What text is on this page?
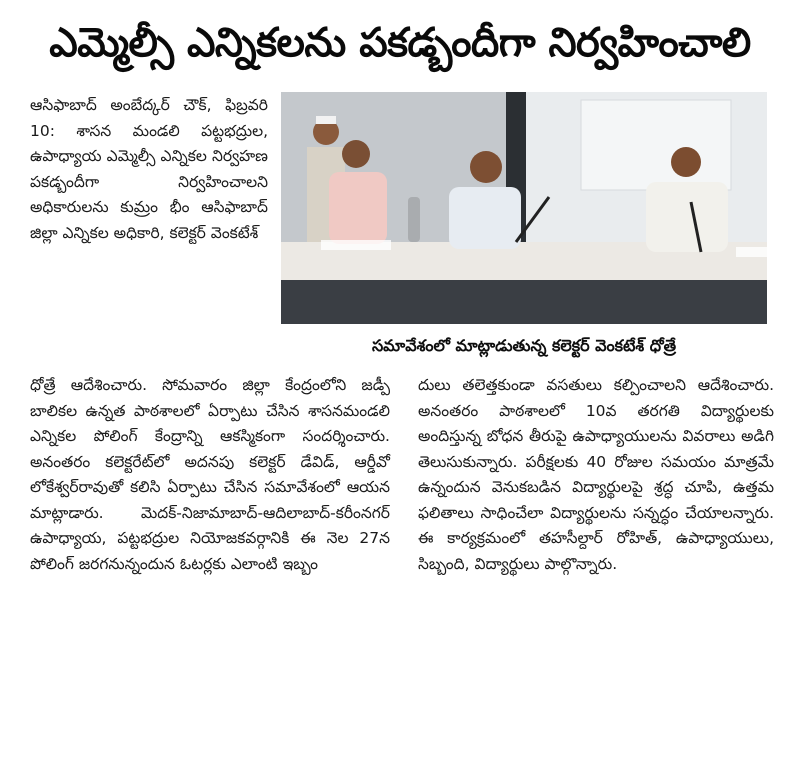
ఎమ్మెల్సీ ఎన్నికలను పకడ్బందీగా నిర్వహించాలి
ఆసిఫాబాద్ అంబేద్కర్ చౌక్, ఫిబ్రవరి 10: శాసన మండలి పట్టభద్రుల, ఉపాధ్యాయ ఎమ్మెల్సీ ఎన్నికల నిర్వహణ పకడ్బందీగా నిర్వహించాలని అధికారులను కుమ్రం భీం ఆసిఫాబాద్ జిల్లా ఎన్నికల అధికారి, కలెక్టర్ వెంకటేశ్
సమావేశంలో మాట్లాడుతున్న కలెక్టర్ వెంకటేశ్ ధోత్రే
ధోత్రే ఆదేశించారు. సోమవారం జిల్లా కేంద్రంలోని జడ్పీ బాలికల ఉన్నత పాఠశాలలో ఏర్పాటు చేసిన శాసనమండలి ఎన్నికల పోలింగ్ కేంద్రాన్ని ఆకస్మికంగా సందర్శించారు. అనంతరం కలెక్టరేట్‌లో అదనపు కలెక్టర్ డేవిడ్, ఆర్డీవో లోకేశ్వర్‌రావుతో కలిసి ఏర్పాటు చేసిన సమావేశంలో ఆయన మాట్లాడారు. మెదక్-నిజామాబాద్-ఆదిలాబాద్-కరీంనగర్ ఉపాధ్యాయ, పట్టభద్రుల నియోజకవర్గానికి ఈ నెల 27న పోలింగ్ జరగనున్నందున ఓటర్లకు ఎలాంటి ఇబ్బం
దులు తలెత్తకుండా వసతులు కల్పించాలని ఆదేశించారు. అనంతరం పాఠశాలలో 10వ తరగతి విద్యార్థులకు అందిస్తున్న బోధన తీరుపై ఉపాధ్యాయులను వివరాలు అడిగి తెలుసుకున్నారు. పరీక్షలకు 40 రోజుల సమయం మాత్రమే ఉన్నందున వెనుకబడిన విద్యార్థులపై శ్రద్ధ చూపి, ఉత్తమ ఫలితాలు సాధించేలా విద్యార్థులను సన్నద్ధం చేయాలన్నారు. ఈ కార్యక్రమంలో తహసీల్దార్ రోహిత్, ఉపాధ్యాయులు, సిబ్బంది, విద్యార్థులు పాల్గొన్నారు.
